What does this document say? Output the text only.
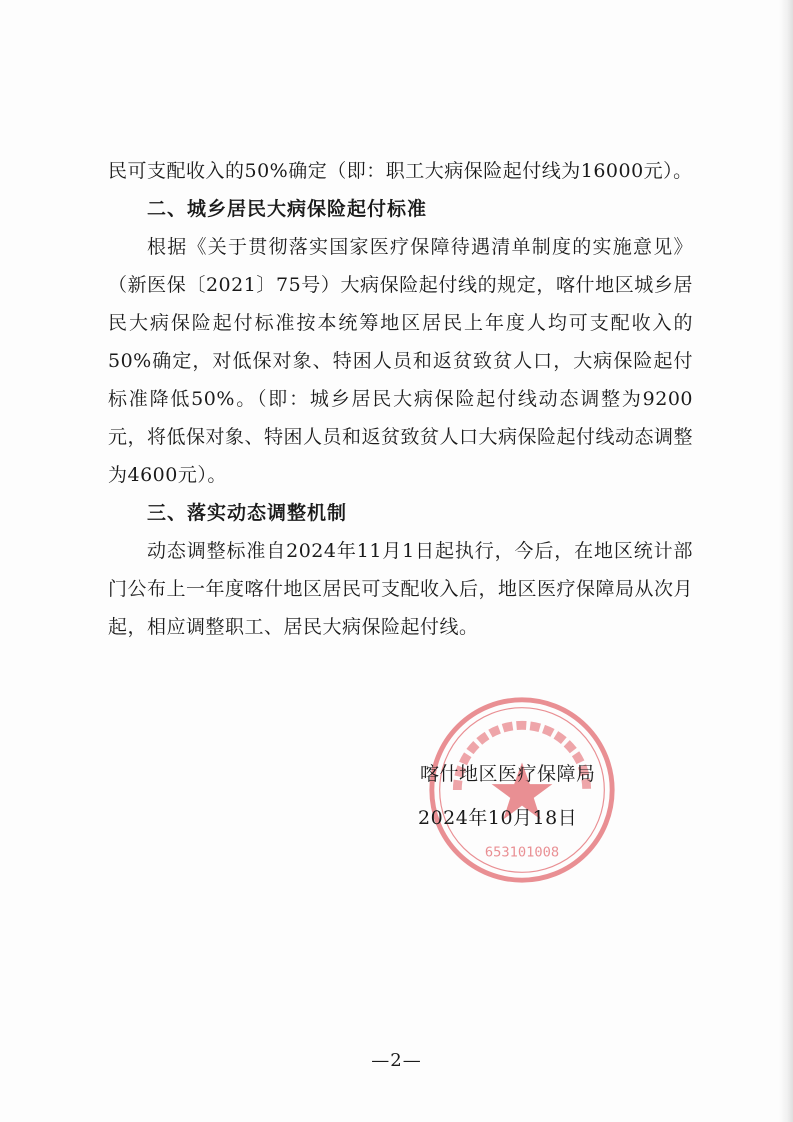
民可支配收入的50%确定（即：职工大病保险起付线为16000元）。

二、城乡居民大病保险起付标准

根据《关于贯彻落实国家医疗保障待遇清单制度的实施意见》（新医保〔2021〕75号）大病保险起付线的规定，喀什地区城乡居民大病保险起付标准按本统筹地区居民上年度人均可支配收入的50%确定，对低保对象、特困人员和返贫致贫人口，大病保险起付标准降低50%。（即：城乡居民大病保险起付线动态调整为9200元，将低保对象、特困人员和返贫致贫人口大病保险起付线动态调整为4600元）。

三、落实动态调整机制

动态调整标准自2024年11月1日起执行，今后，在地区统计部门公布上一年度喀什地区居民可支配收入后，地区医疗保障局从次月起，相应调整职工、居民大病保险起付线。

653101008
喀什地区医疗保障局
2024年10月18日
—2—
